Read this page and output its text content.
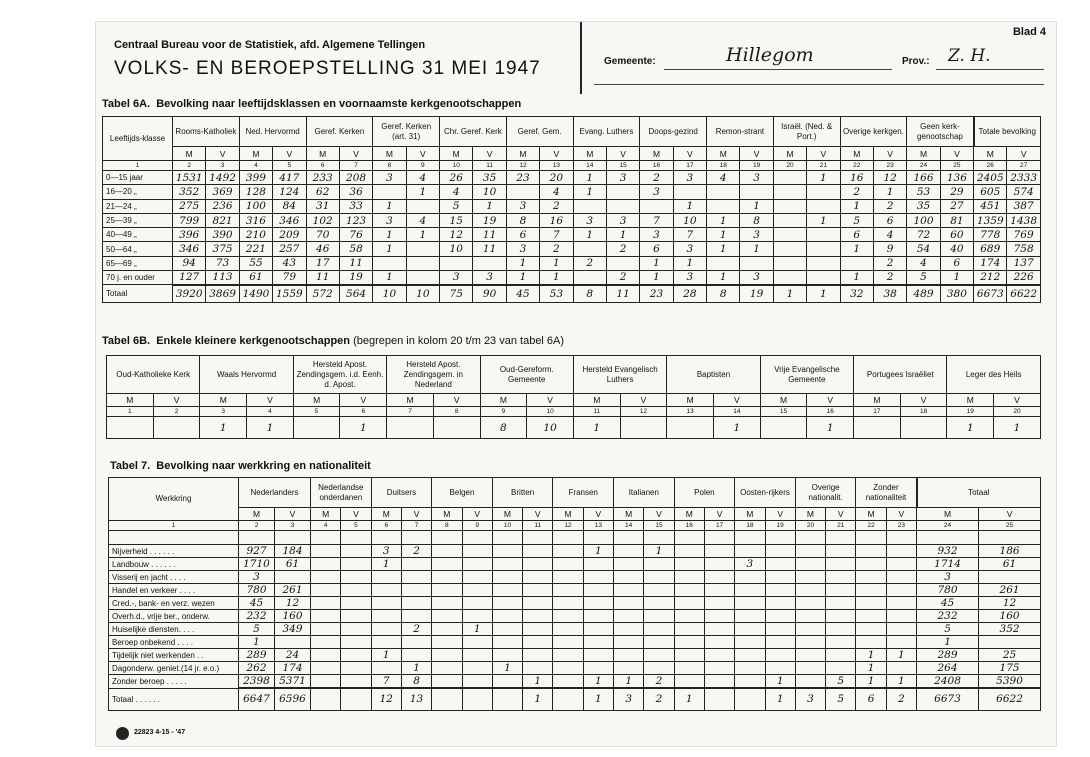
Blad 4
Centraal Bureau voor de Statistiek, afd. Algemene Tellingen
VOLKS- EN BEROEPSTELLING 31 MEI 1947	Gemeente:	Hillegom	Prov.: Z. H.
Tabel 6A. Bevolking naar leeftijdsklassen en voornaamste kerkgenootschappen
Leeftijds-klasse	Rooms-Katholiek		Ned. Hervormd		Geref. Kerken		Geref. Kerken (art. 31)		Chr. Geref. Kerk		Geref. Gem.		Evang. Luthers		Doops-gezind		Remon-strant		Israël. (Ned. & Port.)		Overige kerkgen.		Geen kerk-genootschap		Totale bevolking	
	M	V	M	V	M	V	M	V	M	V	M	V	M	V	M	V	M	V	M	V	M	V	M	V	M	V
1	2	3	4	5	6	7	8	9	10	11	12	13	14	15	16	17	18	19	20	21	22	23	24	25	26	27
0—15 jaar	1531	1492	399	417	233	208	3	4	26	35	23	20	1	3	2	3	4	3		1	16	12	166	136	2405	2333
16—20 „	352	369	128	124	62	36		1	4	10		4	1		3						2	1	53	29	605	574
21—24 „	275	236	100	84	31	33	1		5	1	3	2				1		1			1	2	35	27	451	387
25—39 „	799	821	316	346	102	123	3	4	15	19	8	16	3	3	7	10	1	8		1	5	6	100	81	1359	1438
40—49 „	396	390	210	209	70	76	1	1	12	11	6	7	1	1	3	7	1	3			6	4	72	60	778	769
50—64 „	346	375	221	257	46	58	1		10	11	3	2		2	6	3	1	1			1	9	54	40	689	758
65—69 „	94	73	55	43	17	11					1	1	2		1	1						2	4	6	174	137
70 j. en ouder	127	113	61	79	11	19	1		3	3	1	1		2	1	3	1	3			1	2	5	1	212	226
Totaal	3920	3869	1490	1559	572	564	10	10	75	90	45	53	8	11	23	28	8	19	1	1	32	38	489	380	6673	6622
Tabel 6B. Enkele kleinere kerkgenootschappen (begrepen in kolom 20 t/m 23 van tabel 6A)
Oud-Katholieke Kerk		Waals Hervormd		Hersteld Apost. Zendingsgem. i.d. Eenh. d. Apost.		Hersteld Apost. Zendingsgem. in Nederland		Oud-Gereform. Gemeente		Hersteld Evangelisch Luthers		Baptisten		Vrije Evangelische Gemeente		Portugees Israëliet		Leger des Heils	
M	V	M	V	M	V	M	V	M	V	M	V	M	V	M	V	M	V	M	V
1	2	3	4	5	6	7	8	9	10	11	12	13	14	15	16	17	18	19	20
		1	1		1			8	10	1			1		1			1	1
Tabel 7. Bevolking naar werkkring en nationaliteit
Werkkring	Nederlanders		Nederlandse onderdanen		Duitsers		Belgen		Britten		Fransen		Italianen		Polen		Oosten-rijkers		Overige nationalit.		Zonder nationaliteit		Totaal	
	M	V	M	V	M	V	M	V	M	V	M	V	M	V	M	V	M	V	M	V	M	V	M	V
1	2	3	4	5	6	7	8	9	10	11	12	13	14	15	16	17	18	19	20	21	22	23	24	25

Nijverheid . . . . . .	927	184			3	2						1		1									932	186
Landbouw . . . . . .	1710	61			1												3						1714	61
Visserij en jacht . . . .	3																						3	
Handel en verkeer . . . .	780	261																					780	261
Cred.-, bank- en verz. wezen	45	12																					45	12
Overh.d., vrije ber., onderw.	232	160																					232	160
Huiselijke diensten. . . .	5	349				2		1															5	352
Beroep onbekend . . . .	1																						1	
Tijdelijk niet werkenden . .	289	24			1																1	1	289	25
Dagonderw. geniet.(14 jr. e.o.)	262	174				1			1												1		264	175
Zonder beroep . . . . .	2398	5371			7	8				1		1	1	2				1		5	1	1	2408	5390
Totaal . . . . . .	6647	6596			12	13				1		1	3	2	1			1	3	5	6	2	6673	6622
22823 4-15 - '47
